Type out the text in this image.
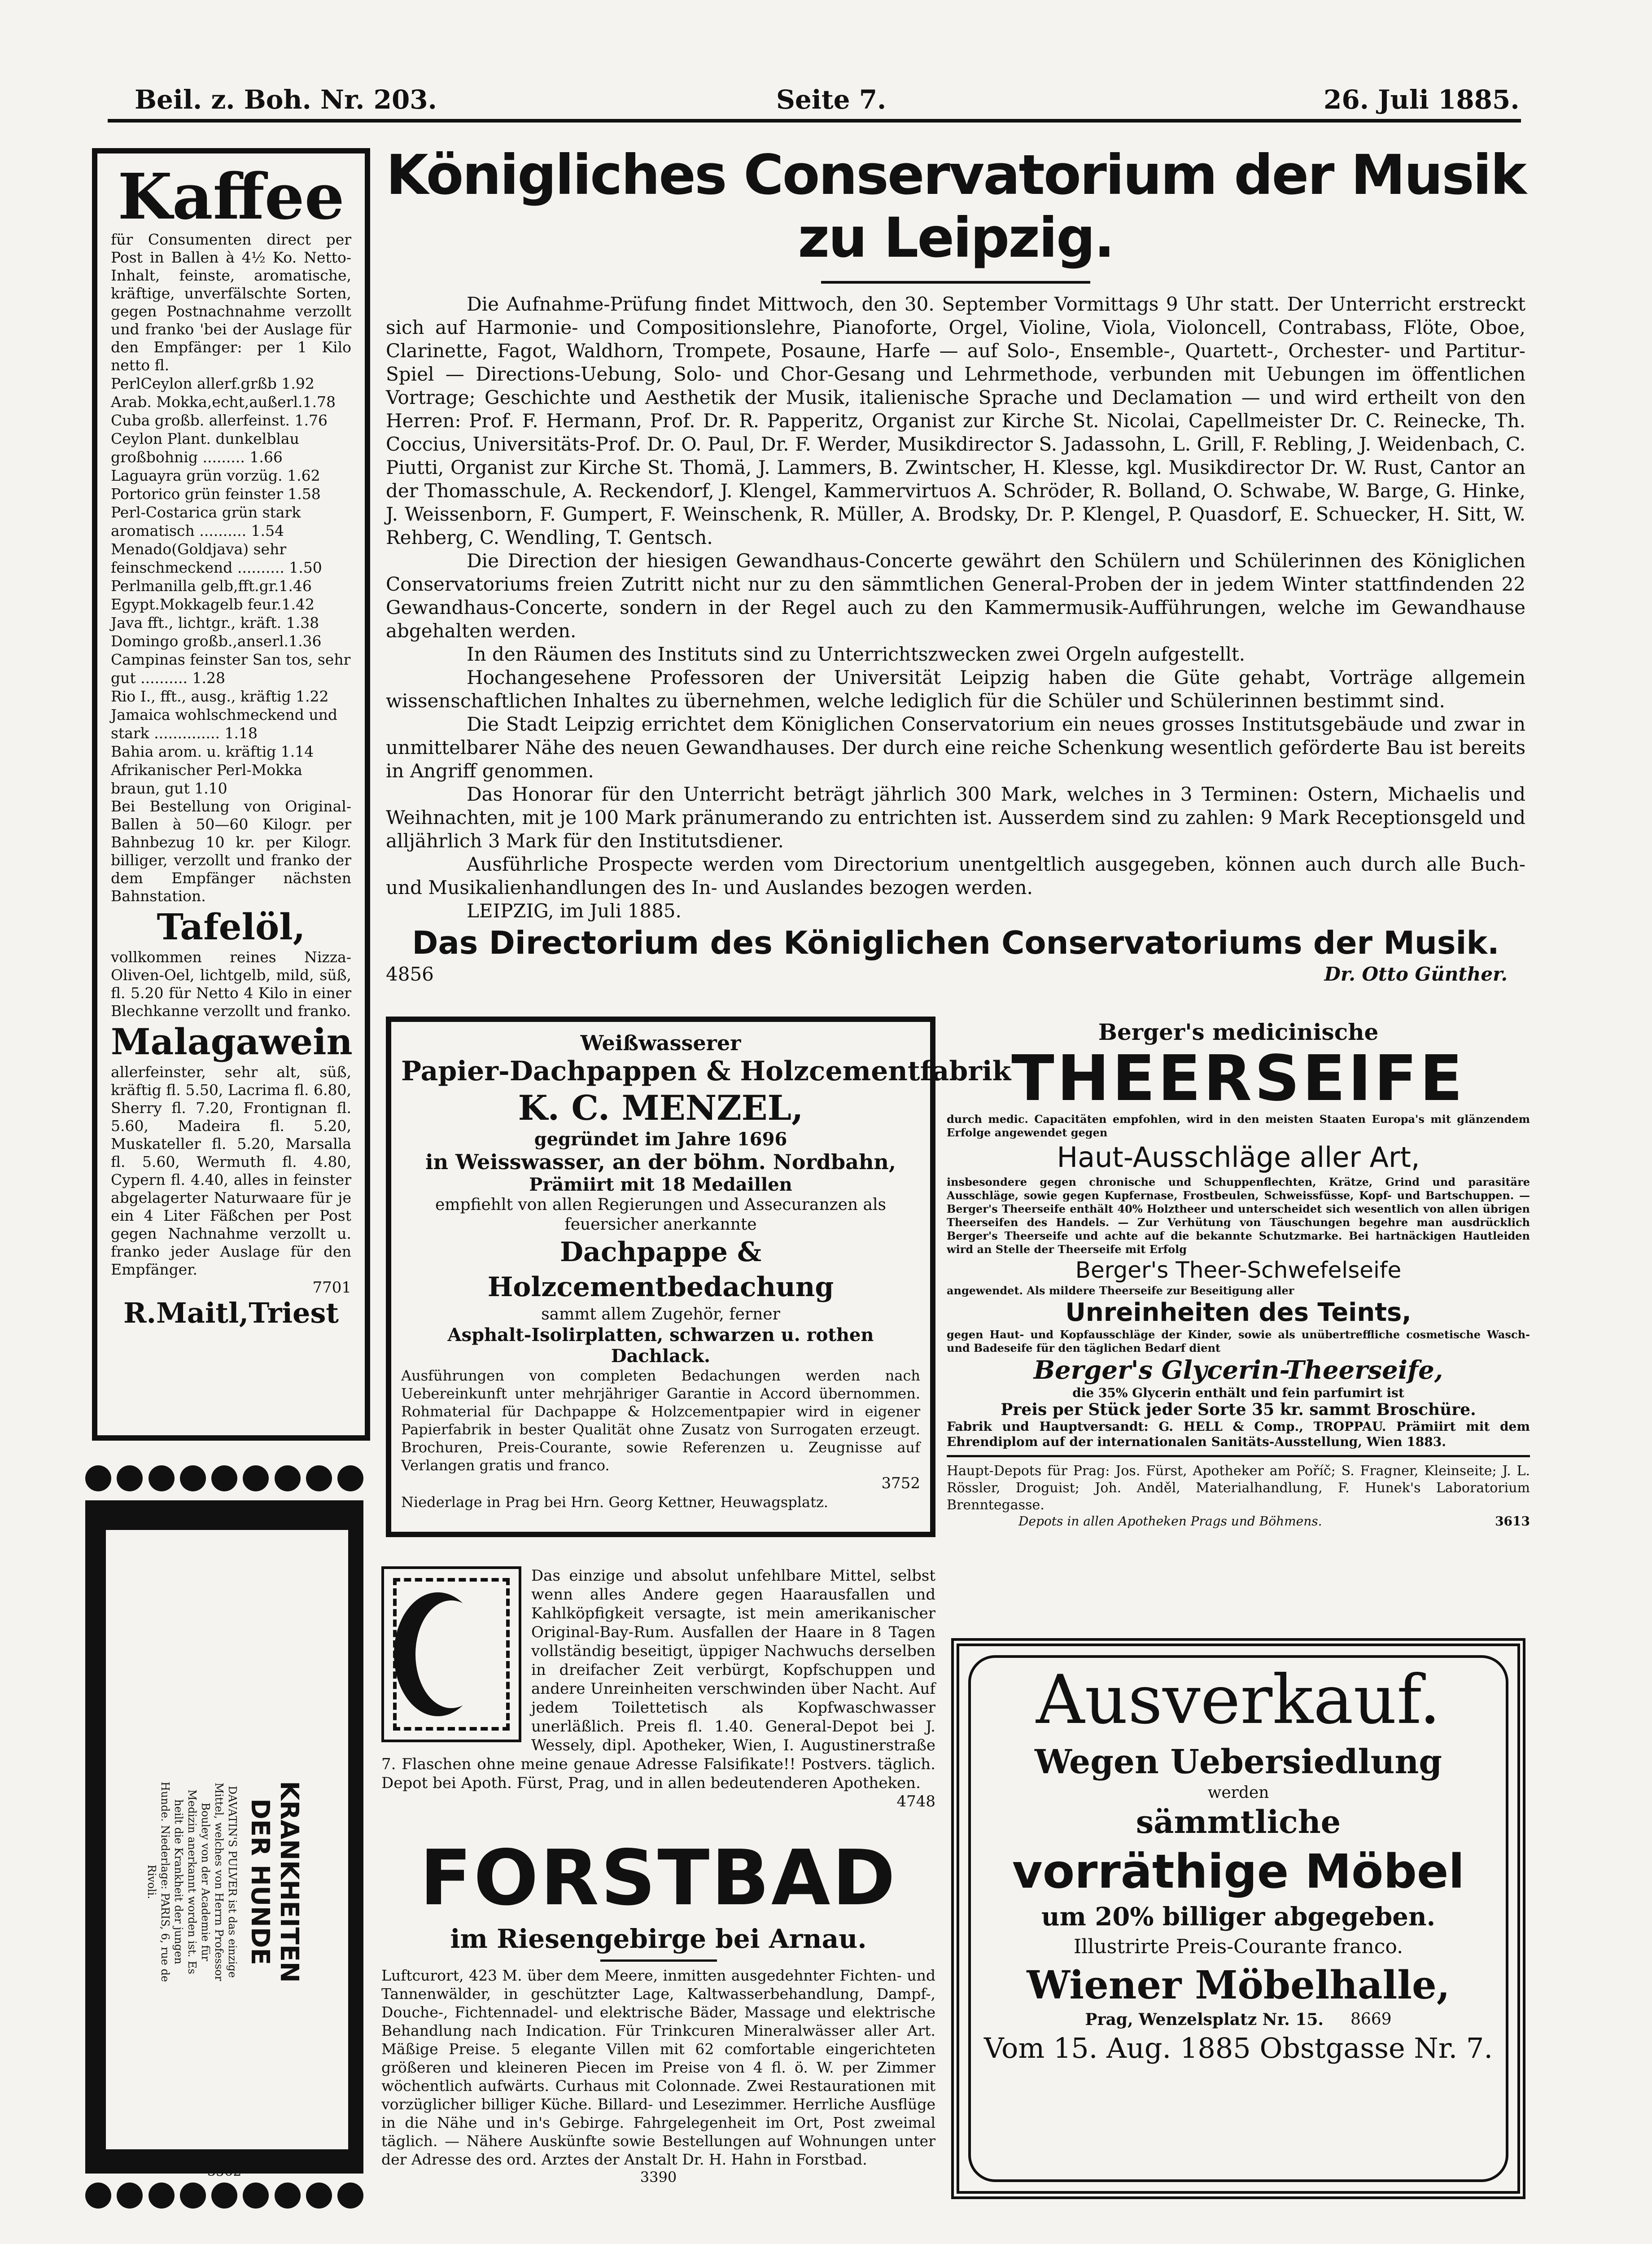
Beil. z. Boh. Nr. 203.	Seite 7.	26. Juli 1885.
Kaffee

für Consumenten direct per Post in Ballen à 4½ Ko. Netto-Inhalt, feinste, aromatische, kräftige, unverfälschte Sorten, gegen Postnachnahme verzollt und franko 'bei der Auslage für den Empfänger: per 1 Kilo netto fl.

PerlCeylon allerf.grßb 1.92
Arab. Mokka,echt,außerl.1.78
Cuba großb. allerfeinst. 1.76
Ceylon Plant. dunkelblau großbohnig ......... 1.66
Laguayra grün vorzüg. 1.62
Portorico grün feinster 1.58
Perl-Costarica grün stark aromatisch .......... 1.54
Menado(Goldjava) sehr feinschmeckend .......... 1.50
Perlmanilla gelb,fft.gr.1.46
Egypt.Mokkagelb feur.1.42
Java fft., lichtgr., kräft. 1.38
Domingo großb.,anserl.1.36
Campinas feinster San tos, sehr gut .......... 1.28
Rio I., fft., ausg., kräftig 1.22
Jamaica wohlschmeckend und stark .............. 1.18
Bahia arom. u. kräftig 1.14
Afrikanischer Perl-Mokka braun, gut 1.10

Bei Bestellung von Original-Ballen à 50—60 Kilogr. per Bahnbezug 10 kr. per Kilogr. billiger, verzollt und franko der dem Empfänger nächsten Bahnstation.

Tafelöl,

vollkommen reines Nizza-Oliven-Oel, lichtgelb, mild, süß, fl. 5.20 für Netto 4 Kilo in einer Blechkanne verzollt und franko.

Malagawein

allerfeinster, sehr alt, süß, kräftig fl. 5.50, Lacrima fl. 6.80, Sherry fl. 7.20, Frontignan fl. 5.60, Madeira fl. 5.20, Muskateller fl. 5.20, Marsalla fl. 5.60, Wermuth fl. 4.80, Cypern fl. 4.40, alles in feinster abgelagerter Naturwaare für je ein 4 Liter Fäßchen per Post gegen Nachnahme verzollt u. franko jeder Auslage für den Empfänger.

7701
R.Maitl,Triest
KRANKHEITEN DER HUNDE
DAVATIN'S PULVER ist das einzige Mittel, welches von Herrn Professor Bouley von der Academie für Medizin anerkannt worden ist. Es heilt die Krankheit der jungen Hunde. Niederlage: PARIS, 6, rue de Rivoli.
3562
Königliches Conservatorium der Musik zu Leipzig.

Die Aufnahme-Prüfung findet Mittwoch, den 30. September Vormittags 9 Uhr statt. Der Unterricht erstreckt sich auf Harmonie- und Compositionslehre, Pianoforte, Orgel, Violine, Viola, Violoncell, Contrabass, Flöte, Oboe, Clarinette, Fagot, Waldhorn, Trompete, Posaune, Harfe — auf Solo-, Ensemble-, Quartett-, Orchester- und Partitur-Spiel — Directions-Uebung, Solo- und Chor-Gesang und Lehrmethode, verbunden mit Uebungen im öffentlichen Vortrage; Geschichte und Aesthetik der Musik, italienische Sprache und Declamation — und wird ertheilt von den Herren: Prof. F. Hermann, Prof. Dr. R. Papperitz, Organist zur Kirche St. Nicolai, Capellmeister Dr. C. Reinecke, Th. Coccius, Universitäts-Prof. Dr. O. Paul, Dr. F. Werder, Musikdirector S. Jadassohn, L. Grill, F. Rebling, J. Weidenbach, C. Piutti, Organist zur Kirche St. Thomä, J. Lammers, B. Zwintscher, H. Klesse, kgl. Musikdirector Dr. W. Rust, Cantor an der Thomasschule, A. Reckendorf, J. Klengel, Kammervirtuos A. Schröder, R. Bolland, O. Schwabe, W. Barge, G. Hinke, J. Weissenborn, F. Gumpert, F. Weinschenk, R. Müller, A. Brodsky, Dr. P. Klengel, P. Quasdorf, E. Schuecker, H. Sitt, W. Rehberg, C. Wendling, T. Gentsch.

Die Direction der hiesigen Gewandhaus-Concerte gewährt den Schülern und Schülerinnen des Königlichen Conservatoriums freien Zutritt nicht nur zu den sämmtlichen General-Proben der in jedem Winter stattfindenden 22 Gewandhaus-Concerte, sondern in der Regel auch zu den Kammermusik-Aufführungen, welche im Gewandhause abgehalten werden.

In den Räumen des Instituts sind zu Unterrichtszwecken zwei Orgeln aufgestellt.

Hochangesehene Professoren der Universität Leipzig haben die Güte gehabt, Vorträge allgemein wissenschaftlichen Inhaltes zu übernehmen, welche lediglich für die Schüler und Schülerinnen bestimmt sind.

Die Stadt Leipzig errichtet dem Königlichen Conservatorium ein neues grosses Institutsgebäude und zwar in unmittelbarer Nähe des neuen Gewandhauses. Der durch eine reiche Schenkung wesentlich geförderte Bau ist bereits in Angriff genommen.

Das Honorar für den Unterricht beträgt jährlich 300 Mark, welches in 3 Terminen: Ostern, Michaelis und Weihnachten, mit je 100 Mark pränumerando zu entrichten ist. Ausserdem sind zu zahlen: 9 Mark Receptionsgeld und alljährlich 3 Mark für den Institutsdiener.

Ausführliche Prospecte werden vom Directorium unentgeltlich ausgegeben, können auch durch alle Buch- und Musikalienhandlungen des In- und Auslandes bezogen werden.

LEIPZIG, im Juli 1885.

Das Directorium des Königlichen Conservatoriums der Musik.
4856	Dr. Otto Günther.
Weißwasserer
Papier-Dachpappen & Holzcementfabrik
K. C. MENZEL,
gegründet im Jahre 1696
in Weisswasser, an der böhm. Nordbahn,
Prämiirt mit 18 Medaillen

empfiehlt von allen Regierungen und Assecuranzen als feuersicher anerkannte

Dachpappe & Holzcementbedachung
sammt allem Zugehör, ferner
Asphalt-Isolirplatten, schwarzen u. rothen Dachlack.

Ausführungen von completen Bedachungen werden nach Uebereinkunft unter mehrjähriger Garantie in Accord übernommen. Rohmaterial für Dachpappe & Holzcementpapier wird in eigener Papierfabrik in bester Qualität ohne Zusatz von Surrogaten erzeugt. Brochuren, Preis-Courante, sowie Referenzen u. Zeugnisse auf Verlangen gratis und franco.

3752
Niederlage in Prag bei Hrn. Georg Kettner, Heuwagsplatz.
Berger's medicinische
THEERSEIFE

durch medic. Capacitäten empfohlen, wird in den meisten Staaten Europa's mit glänzendem Erfolge angewendet gegen

Haut-Ausschläge aller Art,

insbesondere gegen chronische und Schuppenflechten, Krätze, Grind und parasitäre Ausschläge, sowie gegen Kupfernase, Frostbeulen, Schweissfüsse, Kopf- und Bartschuppen. — Berger's Theerseife enthält 40% Holztheer und unterscheidet sich wesentlich von allen übrigen Theerseifen des Handels. — Zur Verhütung von Täuschungen begehre man ausdrücklich Berger's Theerseife und achte auf die bekannte Schutzmarke. Bei hartnäckigen Hautleiden wird an Stelle der Theerseife mit Erfolg

Berger's Theer-Schwefelseife

angewendet. Als mildere Theerseife zur Beseitigung aller

Unreinheiten des Teints,

gegen Haut- und Kopfausschläge der Kinder, sowie als unübertreffliche cosmetische Wasch- und Badeseife für den täglichen Bedarf dient

Berger's Glycerin-Theerseife,
die 35% Glycerin enthält und fein parfumirt ist
Preis per Stück jeder Sorte 35 kr. sammt Broschüre.

Fabrik und Hauptversandt: G. HELL & Comp., TROPPAU. Prämiirt mit dem Ehrendiplom auf der internationalen Sanitäts-Ausstellung, Wien 1883.

Haupt-Depots für Prag: Jos. Fürst, Apotheker am Poříč; S. Fragner, Kleinseite; J. L. Rössler, Droguist; Joh. Anděl, Materialhandlung, F. Hunek's Laboratorium Brenntegasse.

Depots in allen Apotheken Prags und Böhmens.	3613

Das einzige und absolut unfehlbare Mittel, selbst wenn alles Andere gegen Haarausfallen und Kahlköpfigkeit versagte, ist mein amerikanischer Original-Bay-Rum. Ausfallen der Haare in 8 Tagen vollständig beseitigt, üppiger Nachwuchs derselben in dreifacher Zeit verbürgt, Kopfschuppen und andere Unreinheiten verschwinden über Nacht. Auf jedem Toilettetisch als Kopfwaschwasser unerläßlich. Preis fl. 1.40. General-Depot bei J. Wessely, dipl. Apotheker, Wien, I. Augustinerstraße 7. Flaschen ohne meine genaue Adresse Falsifikate!! Postvers. täglich. Depot bei Apoth. Fürst, Prag, und in allen bedeutenderen Apotheken.

4748
FORSTBAD
im Riesengebirge bei Arnau.

Luftcurort, 423 M. über dem Meere, inmitten ausgedehnter Fichten- und Tannenwälder, in geschützter Lage, Kaltwasserbehandlung, Dampf-, Douche-, Fichtennadel- und elektrische Bäder, Massage und elektrische Behandlung nach Indication. Für Trinkcuren Mineralwässer aller Art. Mäßige Preise. 5 elegante Villen mit 62 comfortable eingerichteten größeren und kleineren Piecen im Preise von 4 fl. ö. W. per Zimmer wöchentlich aufwärts. Curhaus mit Colonnade. Zwei Restaurationen mit vorzüglicher billiger Küche. Billard- und Lesezimmer. Herrliche Ausflüge in die Nähe und in's Gebirge. Fahrgelegenheit im Ort, Post zweimal täglich. — Nähere Auskünfte sowie Bestellungen auf Wohnungen unter der Adresse des ord. Arztes der Anstalt Dr. H. Hahn in Forstbad.

3390
Ausverkauf.
Wegen Uebersiedlung
werden
sämmtliche
vorräthige Möbel
um 20% billiger abgegeben.
Illustrirte Preis-Courante franco.
Wiener Möbelhalle,
Prag, Wenzelsplatz Nr. 15. 8669
Vom 15. Aug. 1885 Obstgasse Nr. 7.
